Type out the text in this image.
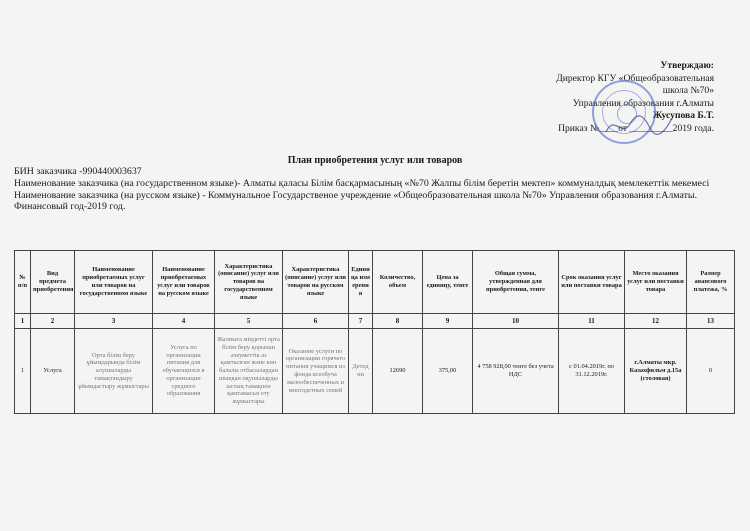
Утверждаю:
Директор КГУ «Общеобразовательная
школа №70»
Управления образования г.Алматы
Жусупова Б.Т.
Приказ №____от _________2019 года.
План приобретения услуг или товаров
БИН заказчика -990440003637
Наименование заказчика (на государственном языке)- Алматы қаласы Білім басқармасының «№70 Жалпы білім беретін мектеп» коммуналдық мемлекеттік мекемесі
Наименование заказчика (на русском языке) - Коммунальное Государственое учреждение «Общеобразовательная школа №70» Управления образования г.Алматы.
Финансовый год-2019 год.
№ п/п	Вид предмета приобретения	Наименование приобретаемых услуг или товаров на государственном языке	Наименование приобретаемых услуг или товаров на русском языке	Характеристика (описание) услуг или товаров на государственном языке	Характеристика (описание) услуг или товаров на русском языке	Единица измерения	Количество, объем	Цена за единицу, тенге	Общая сумма, утвержденная для приобретения, тенге	Срок оказания услуг или поставки товара	Место оказания услуг или поставки товара	Размер авансового платежа, %
1	2	3	4	5	6	7	8	9	10	11	12	13
1	Услуга	Орта білім беру ұйымдарында білім алушыларды тамақтандыру ұйымдастыру жұмыстары	Услуга по организации питания для обучающихся в организации среднего образования	Жалпыға міндетті орта білім беру қорынан әлеуметтік аз қамтылған және көп балалы отбасылардан шыққан оқушыларды ыстық тамақпен қамтамасыз ету жұмыстары	Оказание услуги по организации горячего питания учащимся из фонда всеобуча малообеспеченных и многодетных семей	Детодни	12690	375,00	4 758 928,00 тенге без учета НДС	с 01.04.2019г. по 31.12.2019г.	г.Алматы мкр. Казахфильм д.15а (столовая)	0
